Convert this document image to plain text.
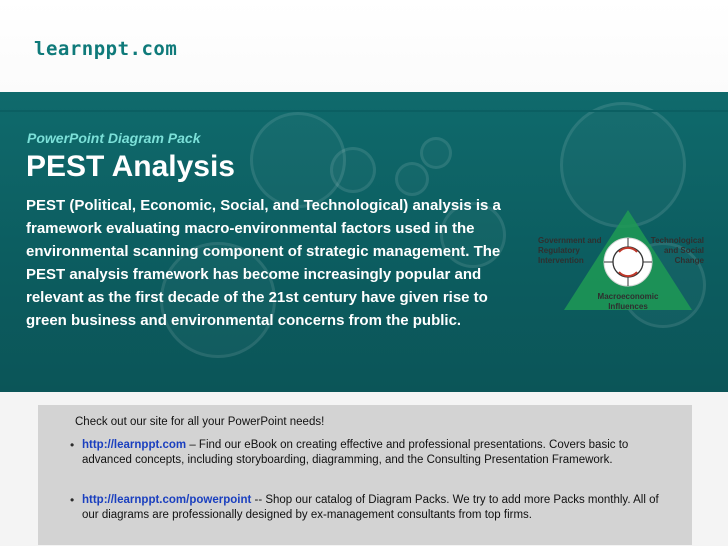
learnppt.com
PowerPoint Diagram Pack
PEST Analysis
PEST (Political, Economic, Social, and Technological) analysis is a framework evaluating macro-environmental factors used in the environmental scanning component of strategic management. The PEST analysis framework has become increasingly popular and relevant as the first decade of the 21st century have given rise to green business and environmental concerns from the public.
Government and
Regulatory
Intervention
Technological
and Social
Change
Macroeconomic
Influences
Check out our site for all your PowerPoint needs!
• http://learnppt.com – Find our eBook on creating effective and professional presentations. Covers basic to advanced concepts, including storyboarding, diagramming, and the Consulting Presentation Framework.
• http://learnppt.com/powerpoint -- Shop our catalog of Diagram Packs. We try to add more Packs monthly. All of our diagrams are professionally designed by ex-management consultants from top firms.
